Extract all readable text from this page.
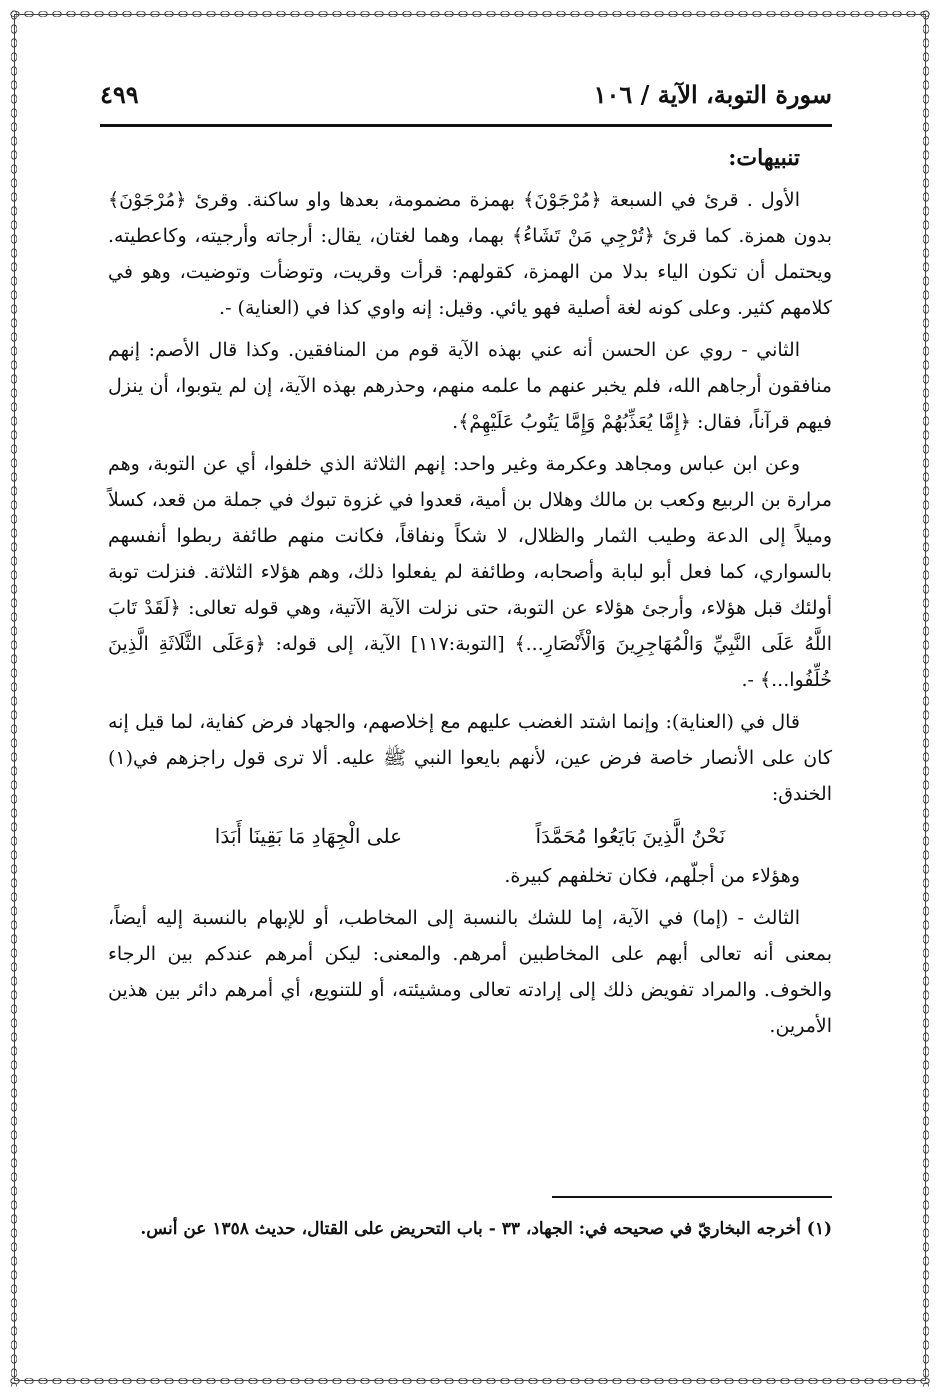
سورة التوبة، الآية / ١٠٦
٤٩٩

تنبيهات:

الأول . قرئ في السبعة ﴿مُرْجَوْنَ﴾ بهمزة مضمومة، بعدها واو ساكنة. وقرئ ﴿مُرْجَوْنَ﴾ بدون همزة. كما قرئ ﴿تُرْجِي مَنْ تَشَاءُ﴾ بهما، وهما لغتان، يقال: أرجاته وأرجيته، وكاعطيته. ويحتمل أن تكون الياء بدلا من الهمزة، كقولهم: قرأت وقريت، وتوضأت وتوضيت، وهو في كلامهم كثير. وعلى كونه لغة أصلية فهو يائي. وقيل: إنه واوي كذا في (العناية) -.

الثاني - روي عن الحسن أنه عني بهذه الآية قوم من المنافقين. وكذا قال الأصم: إنهم منافقون أرجاهم الله، فلم يخبر عنهم ما علمه منهم، وحذرهم بهذه الآية، إن لم يتوبوا، أن ينزل فيهم قرآناً، فقال: ﴿إِمَّا يُعَذِّبُهُمْ وَإِمَّا يَتُوبُ عَلَيْهِمْ﴾.

وعن ابن عباس ومجاهد وعكرمة وغير واحد: إنهم الثلاثة الذي خلفوا، أي عن التوبة، وهم مرارة بن الربيع وكعب بن مالك وهلال بن أمية، قعدوا في غزوة تبوك في جملة من قعد، كسلاً وميلاً إلى الدعة وطيب الثمار والظلال، لا شكاً ونفاقاً، فكانت منهم طائفة ربطوا أنفسهم بالسواري، كما فعل أبو لبابة وأصحابه، وطائفة لم يفعلوا ذلك، وهم هؤلاء الثلاثة. فنزلت توبة أولئك قبل هؤلاء، وأرجئ هؤلاء عن التوبة، حتى نزلت الآية الآتية، وهي قوله تعالى: ﴿لَقَدْ تَابَ اللَّهُ عَلَى النَّبِيِّ وَالْمُهَاجِرِينَ وَالْأَنْصَارِ...﴾ [التوبة:١١٧] الآية، إلى قوله: ﴿وَعَلَى الثَّلَاثَةِ الَّذِينَ خُلِّفُوا...﴾ -.

قال في (العناية): وإنما اشتد الغضب عليهم مع إخلاصهم، والجهاد فرض كفاية، لما قيل إنه كان على الأنصار خاصة فرض عين، لأنهم بايعوا النبي ﷺ عليه. ألا ترى قول راجزهم في(١) الخندق:

نَحْنُ الَّذِينَ بَايَعُوا مُحَمَّدَاً
على الْجِهَادِ مَا بَقِينَا أَبَدَا

وهؤلاء من أجلّهم، فكان تخلفهم كبيرة.

الثالث - (إما) في الآية، إما للشك بالنسبة إلى المخاطب، أو للإبهام بالنسبة إليه أيضاً، بمعنى أنه تعالى أبهم على المخاطبين أمرهم. والمعنى: ليكن أمرهم عندكم بين الرجاء والخوف. والمراد تفويض ذلك إلى إرادته تعالى ومشيئته، أو للتنويع، أي أمرهم دائر بين هذين الأمرين.

(١) أخرجه البخاريّ في صحيحه في: الجهاد، ٣٣ - باب التحريض على القتال، حديث ١٣٥٨ عن أنس.
